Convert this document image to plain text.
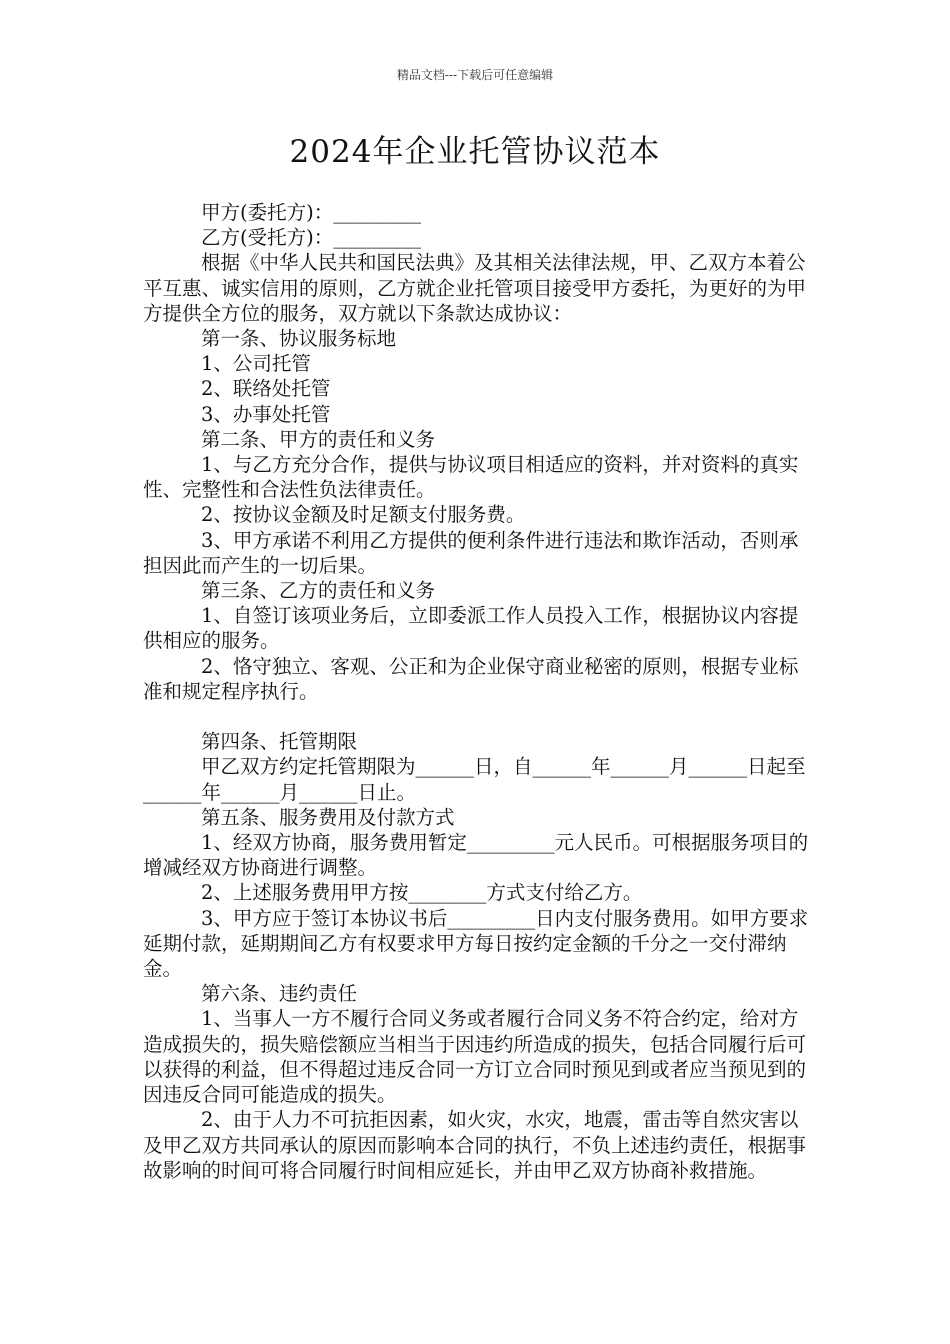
精品文档---下载后可任意编辑
2024年企业托管协议范本

甲方(委托方)：_________

乙方(受托方)：_________

根据《中华人民共和国民法典》及其相关法律法规，甲、乙双方本着公平互惠、诚实信用的原则，乙方就企业托管项目接受甲方委托，为更好的为甲方提供全方位的服务，双方就以下条款达成协议：

第一条、协议服务标地

1、公司托管

2、联络处托管

3、办事处托管

第二条、甲方的责任和义务

1、与乙方充分合作，提供与协议项目相适应的资料，并对资料的真实性、完整性和合法性负法律责任。

2、按协议金额及时足额支付服务费。

3、甲方承诺不利用乙方提供的便利条件进行违法和欺诈活动，否则承担因此而产生的一切后果。

第三条、乙方的责任和义务

1、自签订该项业务后，立即委派工作人员投入工作，根据协议内容提供相应的服务。

2、恪守独立、客观、公正和为企业保守商业秘密的原则，根据专业标准和规定程序执行。

第四条、托管期限

甲乙双方约定托管期限为______日，自______年______月______日起至______年______月______日止。

第五条、服务费用及付款方式

1、经双方协商，服务费用暂定_________元人民币。可根据服务项目的增减经双方协商进行调整。

2、上述服务费用甲方按________方式支付给乙方。

3、甲方应于签订本协议书后_________日内支付服务费用。如甲方要求延期付款，延期期间乙方有权要求甲方每日按约定金额的千分之一交付滞纳金。

第六条、违约责任

1、当事人一方不履行合同义务或者履行合同义务不符合约定，给对方造成损失的，损失赔偿额应当相当于因违约所造成的损失，包括合同履行后可以获得的利益，但不得超过违反合同一方订立合同时预见到或者应当预见到的因违反合同可能造成的损失。

2、由于人力不可抗拒因素，如火灾，水灾，地震，雷击等自然灾害以及甲乙双方共同承认的原因而影响本合同的执行，不负上述违约责任，根据事故影响的时间可将合同履行时间相应延长，并由甲乙双方协商补救措施。
